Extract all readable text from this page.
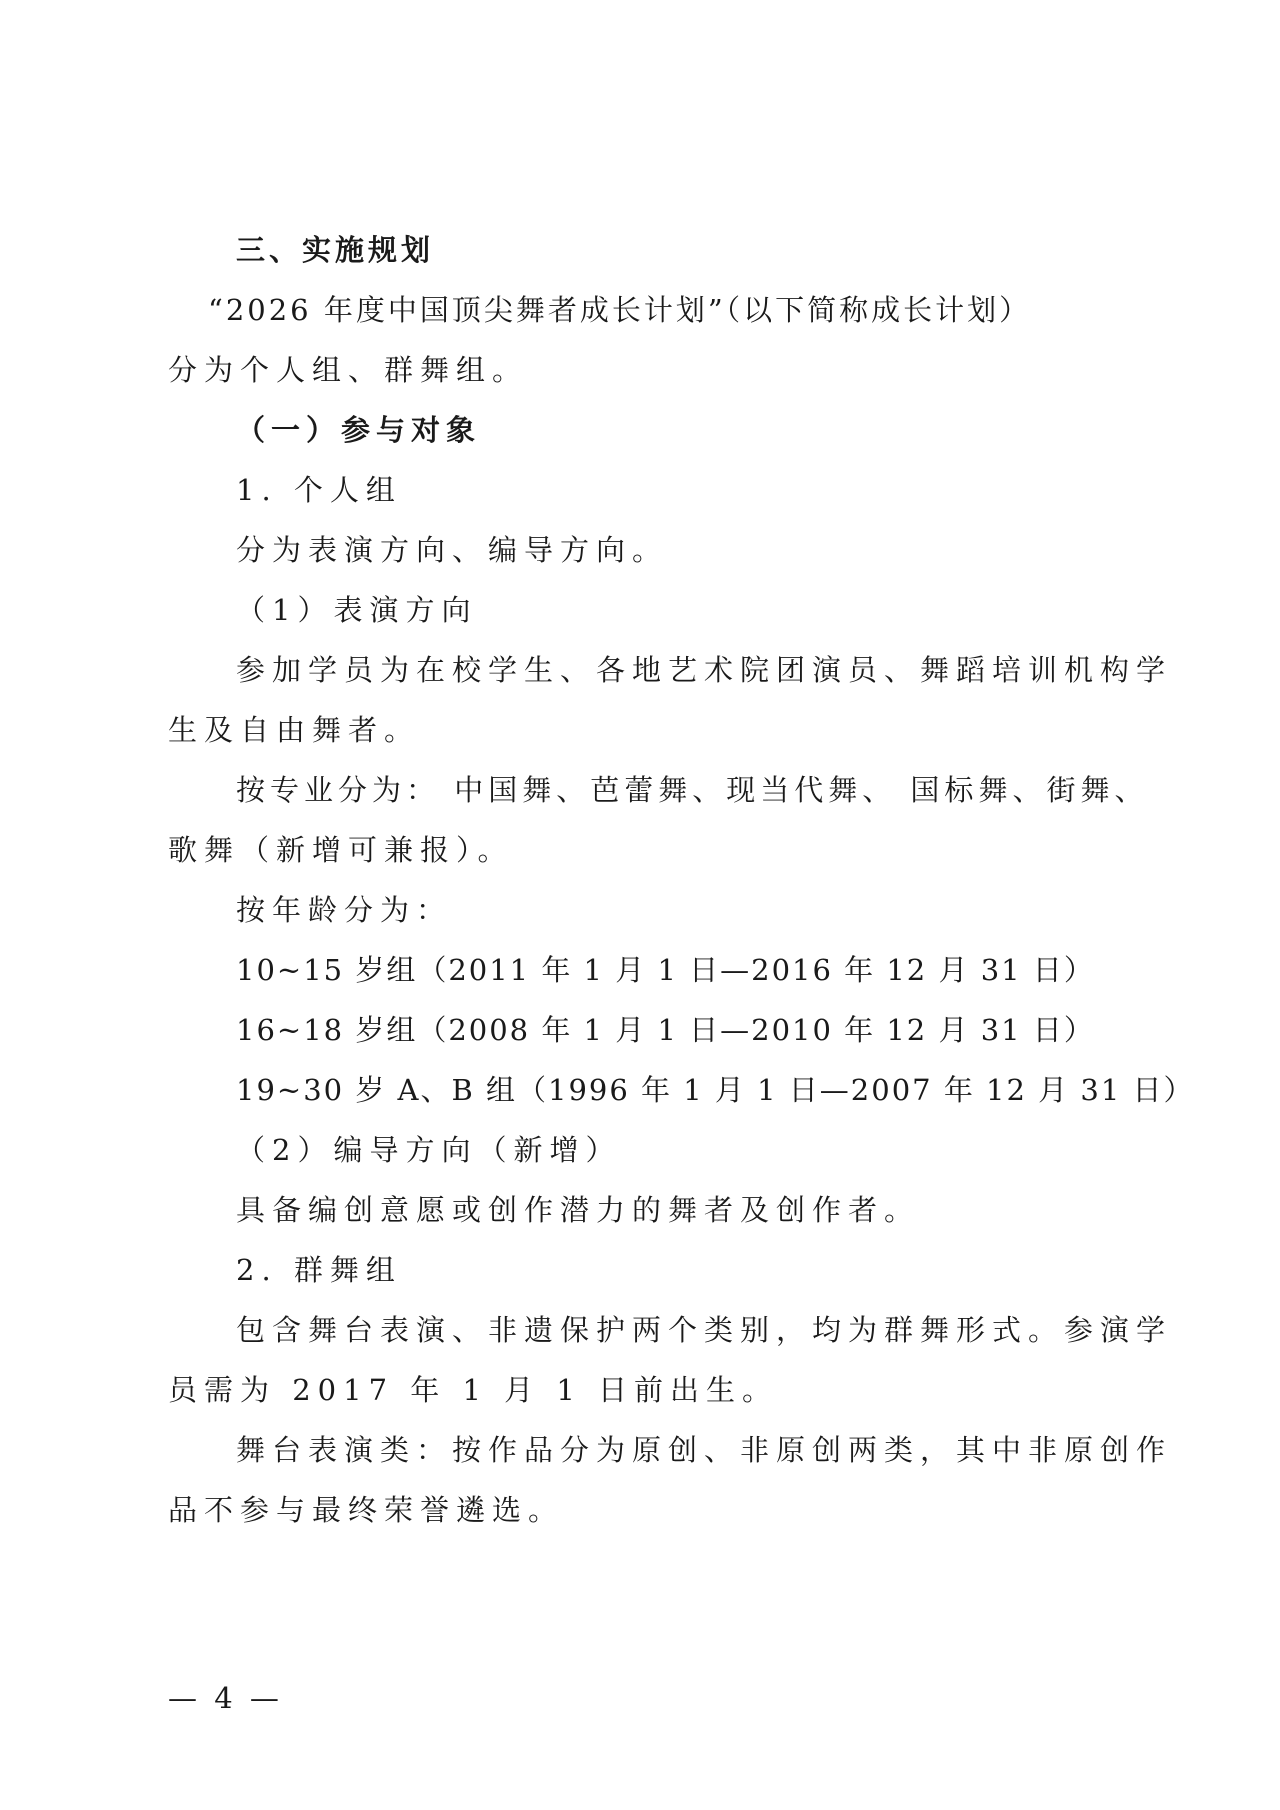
三、实施规划
“2026 年度中国顶尖舞者成长计划”（以下简称成长计划）
分为个人组、群舞组。
（一）参与对象
1. 个人组
分为表演方向、编导方向。
（1）表演方向
参加学员为在校学生、各地艺术院团演员、舞蹈培训机构学
生及自由舞者。
按专业分为： 中国舞、芭蕾舞、现当代舞、 国标舞、街舞、
歌舞（新增可兼报）。
按年龄分为：
10~15 岁组（2011 年 1 月 1 日—2016 年 12 月 31 日）
16~18 岁组（2008 年 1 月 1 日—2010 年 12 月 31 日）
19~30 岁 A、B 组（1996 年 1 月 1 日—2007 年 12 月 31 日）
（2）编导方向（新增）
具备编创意愿或创作潜力的舞者及创作者。
2. 群舞组
包含舞台表演、非遗保护两个类别，均为群舞形式。参演学
员需为 2017 年 1 月 1 日前出生。
舞台表演类：按作品分为原创、非原创两类，其中非原创作
品不参与最终荣誉遴选。
— 4 —
